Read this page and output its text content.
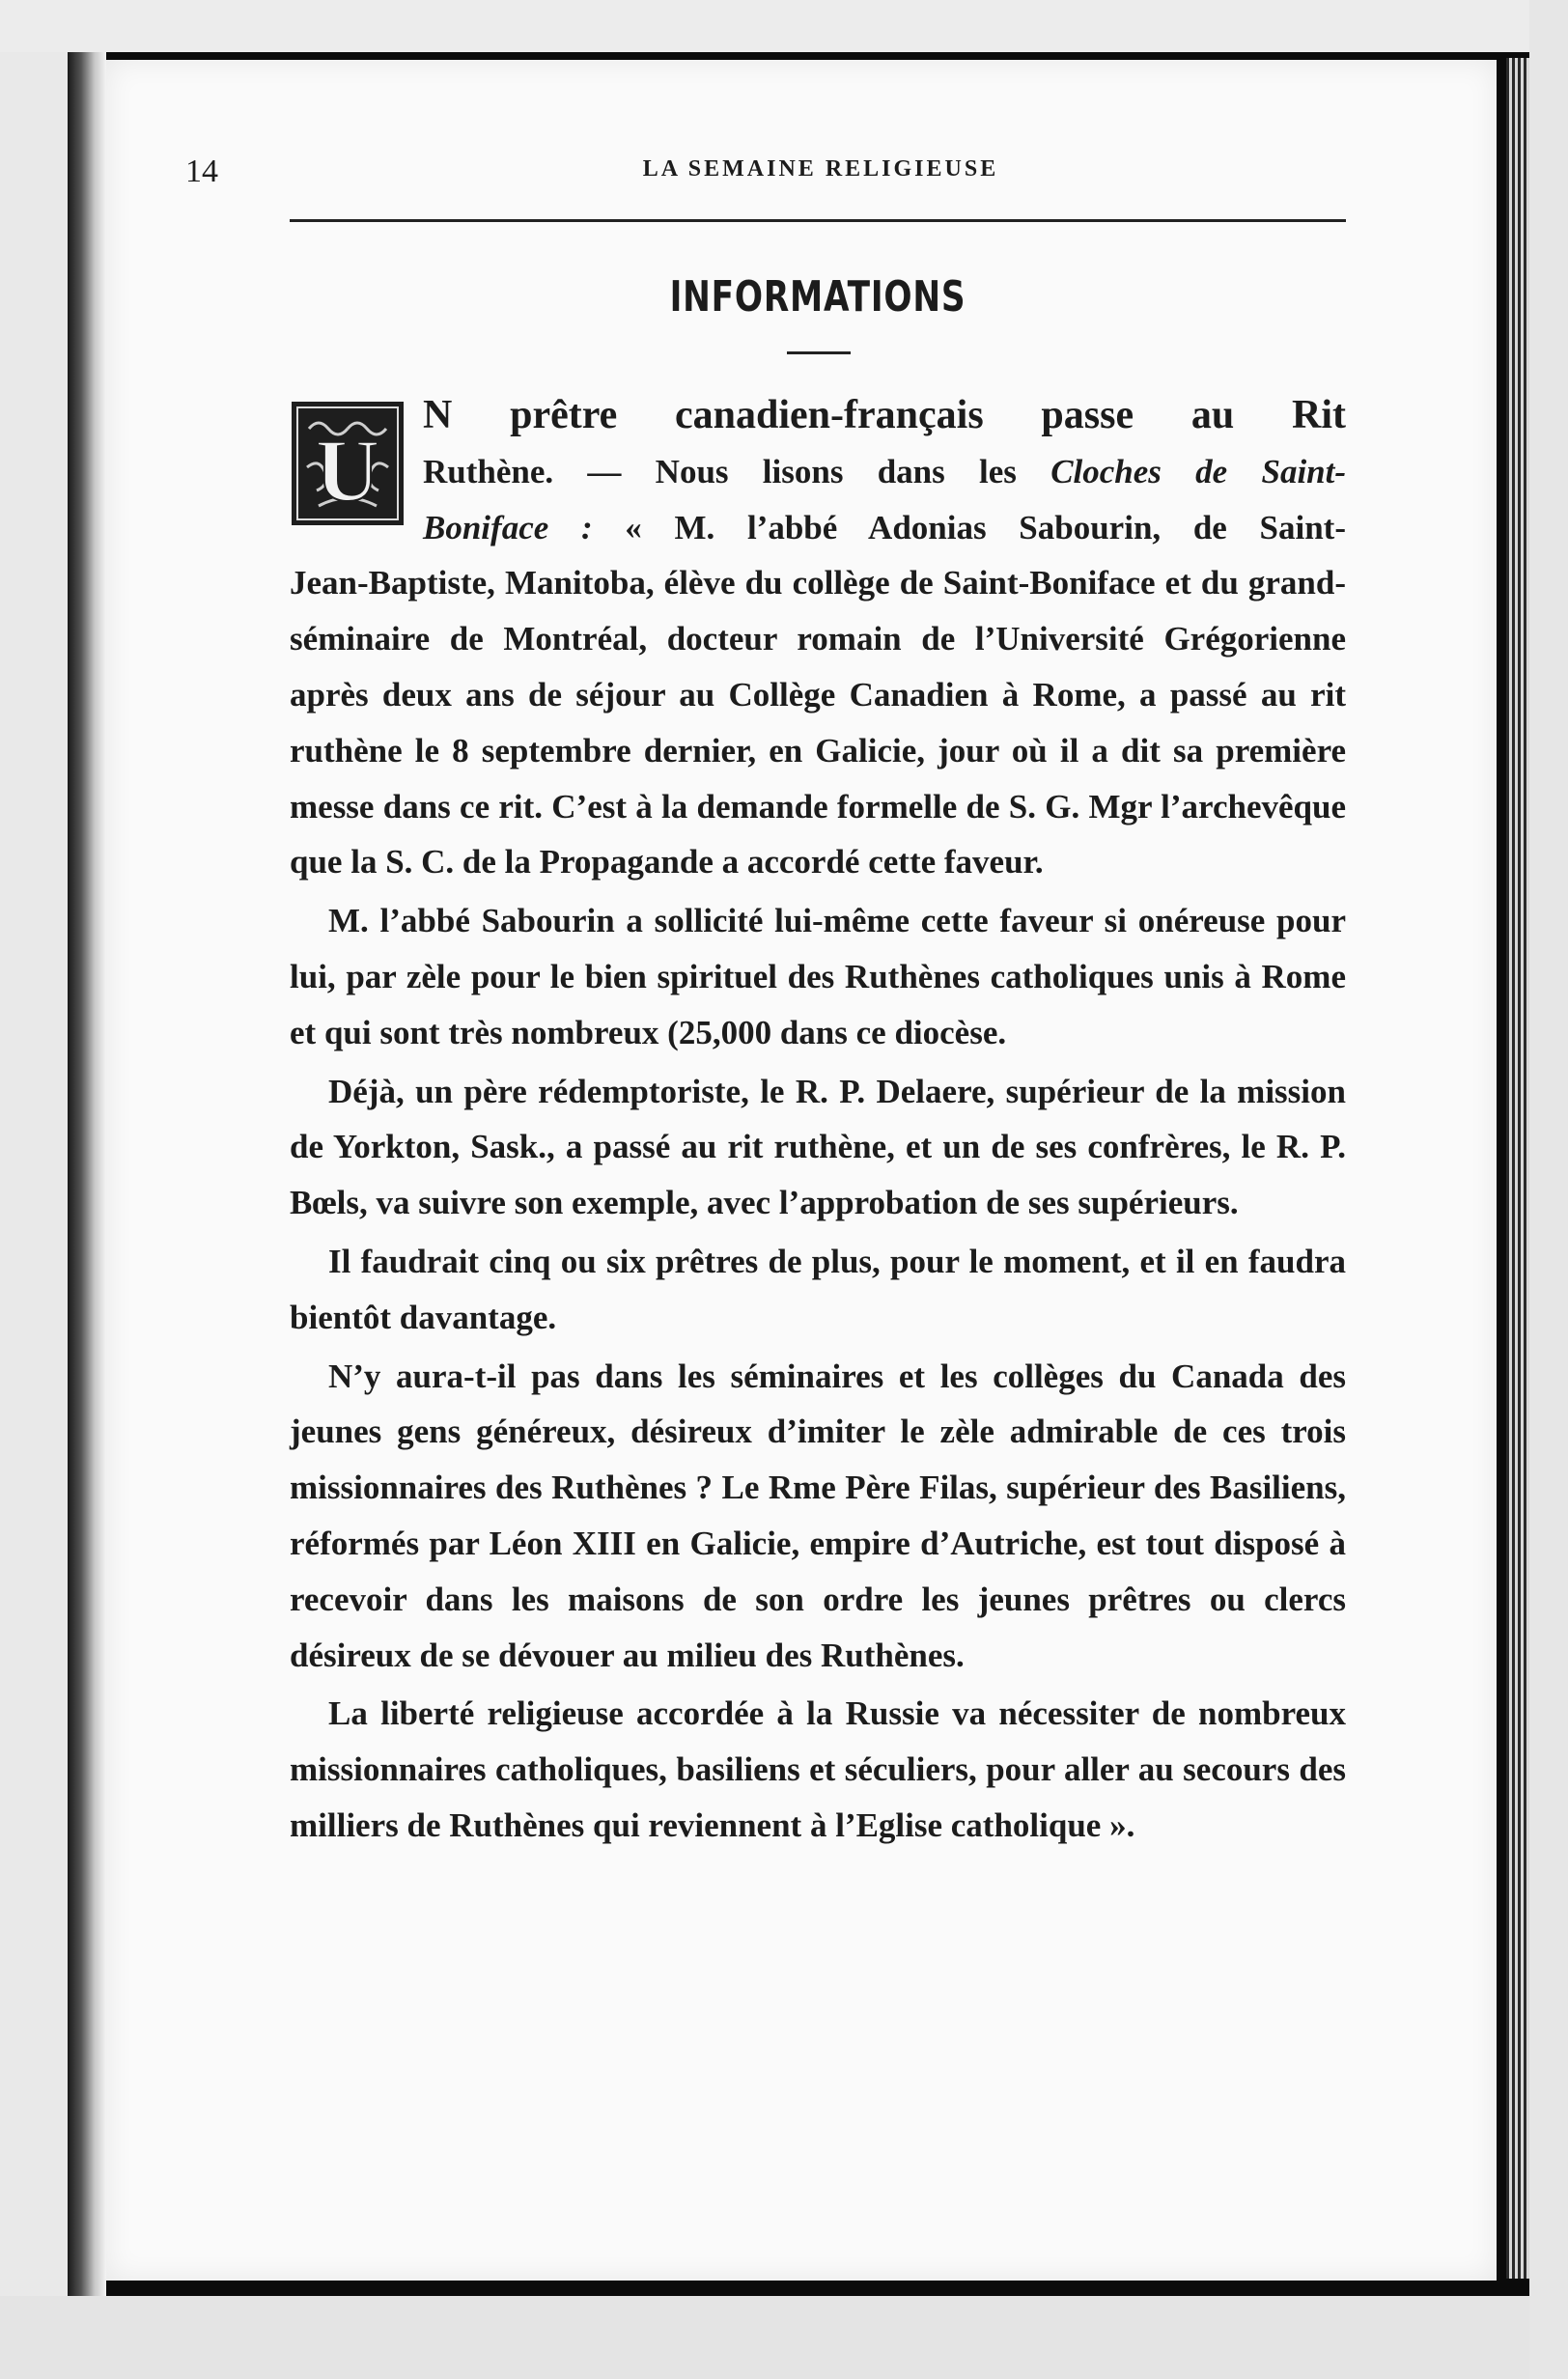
14	LA SEMAINE RELIGIEUSE
INFORMATIONS
U

N prêtre canadien-français passe au Rit
Ruthène. — Nous lisons dans les Cloches de Saint-
Boniface : « M. l’abbé Adonias Sabourin, de Saint-
Jean-Baptiste, Manitoba, élève du collège de Saint-Boniface et du grand-séminaire de Montréal, docteur romain de l’Université Grégorienne après deux ans de séjour au Collège Canadien à Rome, a passé au rit ruthène le 8 septembre dernier, en Galicie, jour où il a dit sa première messe dans ce rit. C’est à la demande formelle de S. G. Mgr l’archevêque que la S. C. de la Propagande a accordé cette faveur.

M. l’abbé Sabourin a sollicité lui-même cette faveur si onéreuse pour lui, par zèle pour le bien spirituel des Ruthènes catholiques unis à Rome et qui sont très nombreux (25,000 dans ce diocèse.

Déjà, un père rédemptoriste, le R. P. Delaere, supérieur de la mission de Yorkton, Sask., a passé au rit ruthène, et un de ses confrères, le R. P. Bœls, va suivre son exemple, avec l’approbation de ses supérieurs.

Il faudrait cinq ou six prêtres de plus, pour le moment, et il en faudra bientôt davantage.

N’y aura-t-il pas dans les séminaires et les collèges du Canada des jeunes gens généreux, désireux d’imiter le zèle admirable de ces trois missionnaires des Ruthènes ? Le Rme Père Filas, supérieur des Basiliens, réformés par Léon XIII en Galicie, empire d’Autriche, est tout disposé à recevoir dans les maisons de son ordre les jeunes prêtres ou clercs désireux de se dévouer au milieu des Ruthènes.

La liberté religieuse accordée à la Russie va nécessiter de nombreux missionnaires catholiques, basiliens et séculiers, pour aller au secours des milliers de Ruthènes qui reviennent à l’Eglise catholique ».
